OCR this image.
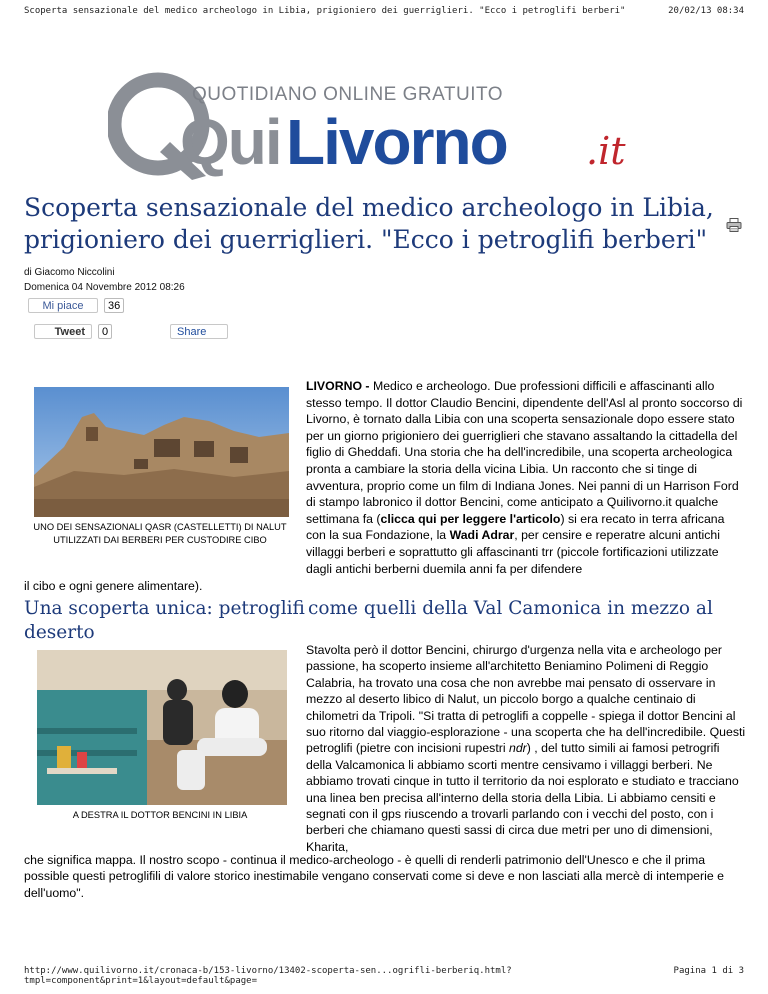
Scoperta sensazionale del medico archeologo in Libia, prigioniero dei guerriglieri. "Ecco i petroglifi berberi"	20/02/13 08:34
QUOTIDIANO ONLINE GRATUITO
Qui Livorno .it
Scoperta sensazionale del medico archeologo in Libia, prigioniero dei guerriglieri. "Ecco i petroglifi berberi"
di Giacomo Niccolini
Domenica 04 Novembre 2012 08:26
Mi piace	36
Tweet	0	Share
UNO DEI SENSAZIONALI QASR (CASTELLETTI) DI NALUT UTILIZZATI DAI BERBERI PER CUSTODIRE CIBO

LIVORNO - Medico e archeologo. Due professioni difficili e affascinanti allo stesso tempo. Il dottor Claudio Bencini, dipendente dell'Asl al pronto soccorso di Livorno, è tornato dalla Libia con una scoperta sensazionale dopo essere stato per un giorno prigioniero dei guerriglieri che stavano assaltando la cittadella del figlio di Gheddafi. Una storia che ha dell'incredibile, una scoperta archeologica pronta a cambiare la storia della vicina Libia. Un racconto che si tinge di avventura, proprio come un film di Indiana Jones. Nei panni di un Harrison Ford di stampo labronico il dottor Bencini, come anticipato a Quilivorno.it qualche settimana fa (clicca qui per leggere l'articolo) si era recato in terra africana con la sua Fondazione, la Wadi Adrar, per censire e reperatre alcuni antichi villaggi berberi e soprattutto gli affascinanti trr (piccole fortificazioni utilizzate dagli antichi berberni duemila anni fa per difendere

il cibo e ogni genere alimentare).
Una scoperta unica: petroglifi deserto
come quelli della Val Camonica in mezzo al
A DESTRA IL DOTTOR BENCINI IN LIBIA

Stavolta però il dottor Bencini, chirurgo d'urgenza nella vita e archeologo per passione, ha scoperto insieme all'architetto Beniamino Polimeni di Reggio Calabria, ha trovato una cosa che non avrebbe mai pensato di osservare in mezzo al deserto libico di Nalut, un piccolo borgo a qualche centinaio di chilometri da Tripoli. "Si tratta di petroglifi a coppelle - spiega il dottor Bencini al suo ritorno dal viaggio-esplorazione - una scoperta che ha dell'incredibile. Questi petroglifi (pietre con incisioni rupestri ndr) , del tutto simili ai famosi petrogrifi della Valcamonica li abbiamo scorti mentre censivamo i villaggi berberi. Ne abbiamo trovati cinque in tutto il territorio da noi esplorato e studiato e tracciano una linea ben precisa all'interno della storia della Libia. Li abbiamo censiti e segnati con il gps riuscendo a trovarli parlando con i vecchi del posto, con i berberi che chiamano questi sassi di circa due metri per uno di dimensioni, Kharita,

che significa mappa. Il nostro scopo - continua il medico-archeologo - è quelli di renderli patrimonio dell'Unesco e che il prima possible questi petroglifili di valore storico inestimabile vengano conservati come si deve e non lasciati alla mercè di intemperie e dell'uomo".

http://www.quilivorno.it/cronaca-b/153-livorno/13402-scoperta-sen...ogrifli-berberiq.html?tmpl=component&print=1&layout=default&page=
Pagina 1 di 3
